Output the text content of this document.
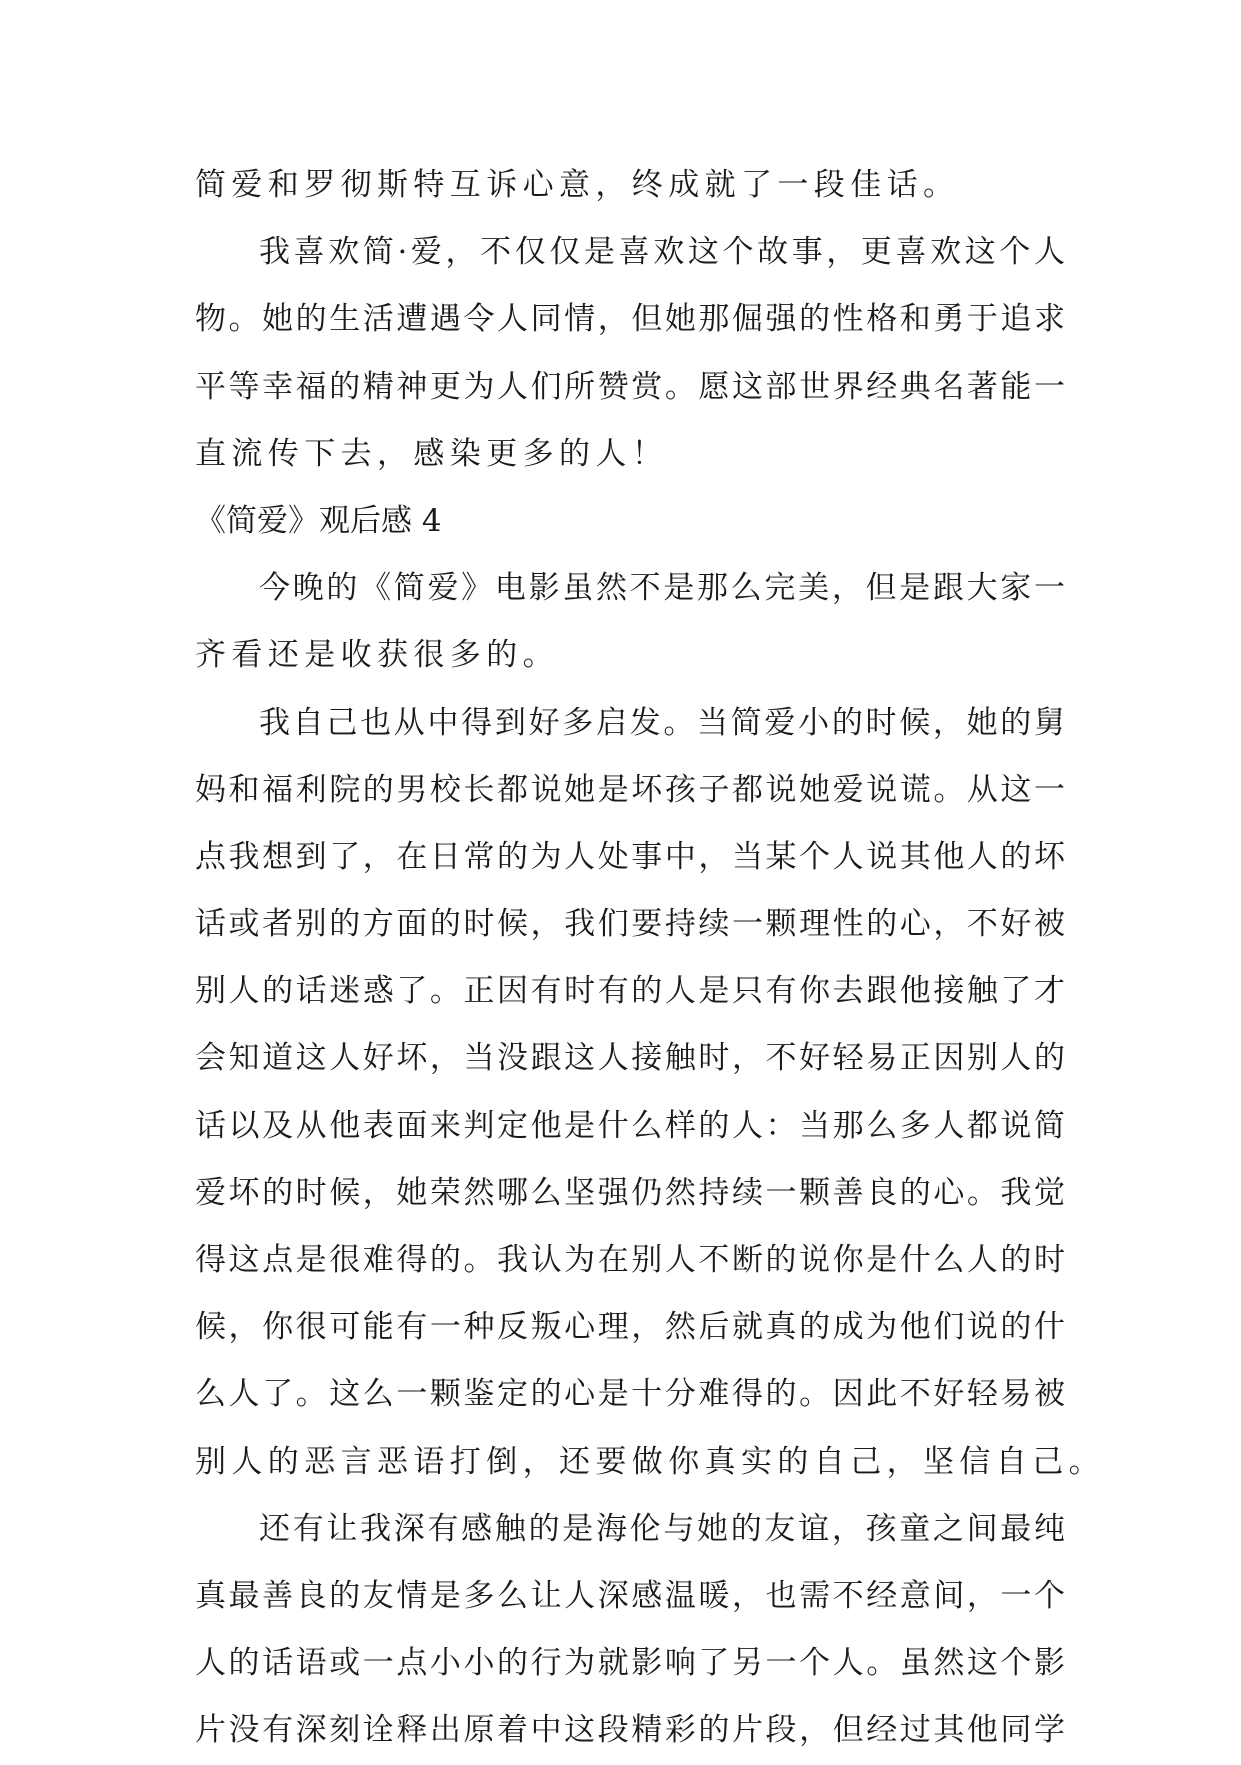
简爱和罗彻斯特互诉心意，终成就了一段佳话。
我喜欢简·爱，不仅仅是喜欢这个故事，更喜欢这个人
物。她的生活遭遇令人同情，但她那倔强的性格和勇于追求
平等幸福的精神更为人们所赞赏。愿这部世界经典名著能一
直流传下去，感染更多的人！
《简爱》观后感 4
今晚的《简爱》电影虽然不是那么完美，但是跟大家一
齐看还是收获很多的。
我自己也从中得到好多启发。当简爱小的时候，她的舅
妈和福利院的男校长都说她是坏孩子都说她爱说谎。从这一
点我想到了，在日常的为人处事中，当某个人说其他人的坏
话或者别的方面的时候，我们要持续一颗理性的心，不好被
别人的话迷惑了。正因有时有的人是只有你去跟他接触了才
会知道这人好坏，当没跟这人接触时，不好轻易正因别人的
话以及从他表面来判定他是什么样的人：当那么多人都说简
爱坏的时候，她荣然哪么坚强仍然持续一颗善良的心。我觉
得这点是很难得的。我认为在别人不断的说你是什么人的时
候，你很可能有一种反叛心理，然后就真的成为他们说的什
么人了。这么一颗鉴定的心是十分难得的。因此不好轻易被
别人的恶言恶语打倒，还要做你真实的自己，坚信自己。
还有让我深有感触的是海伦与她的友谊，孩童之间最纯
真最善良的友情是多么让人深感温暖，也需不经意间，一个
人的话语或一点小小的行为就影响了另一个人。虽然这个影
片没有深刻诠释出原着中这段精彩的片段，但经过其他同学
